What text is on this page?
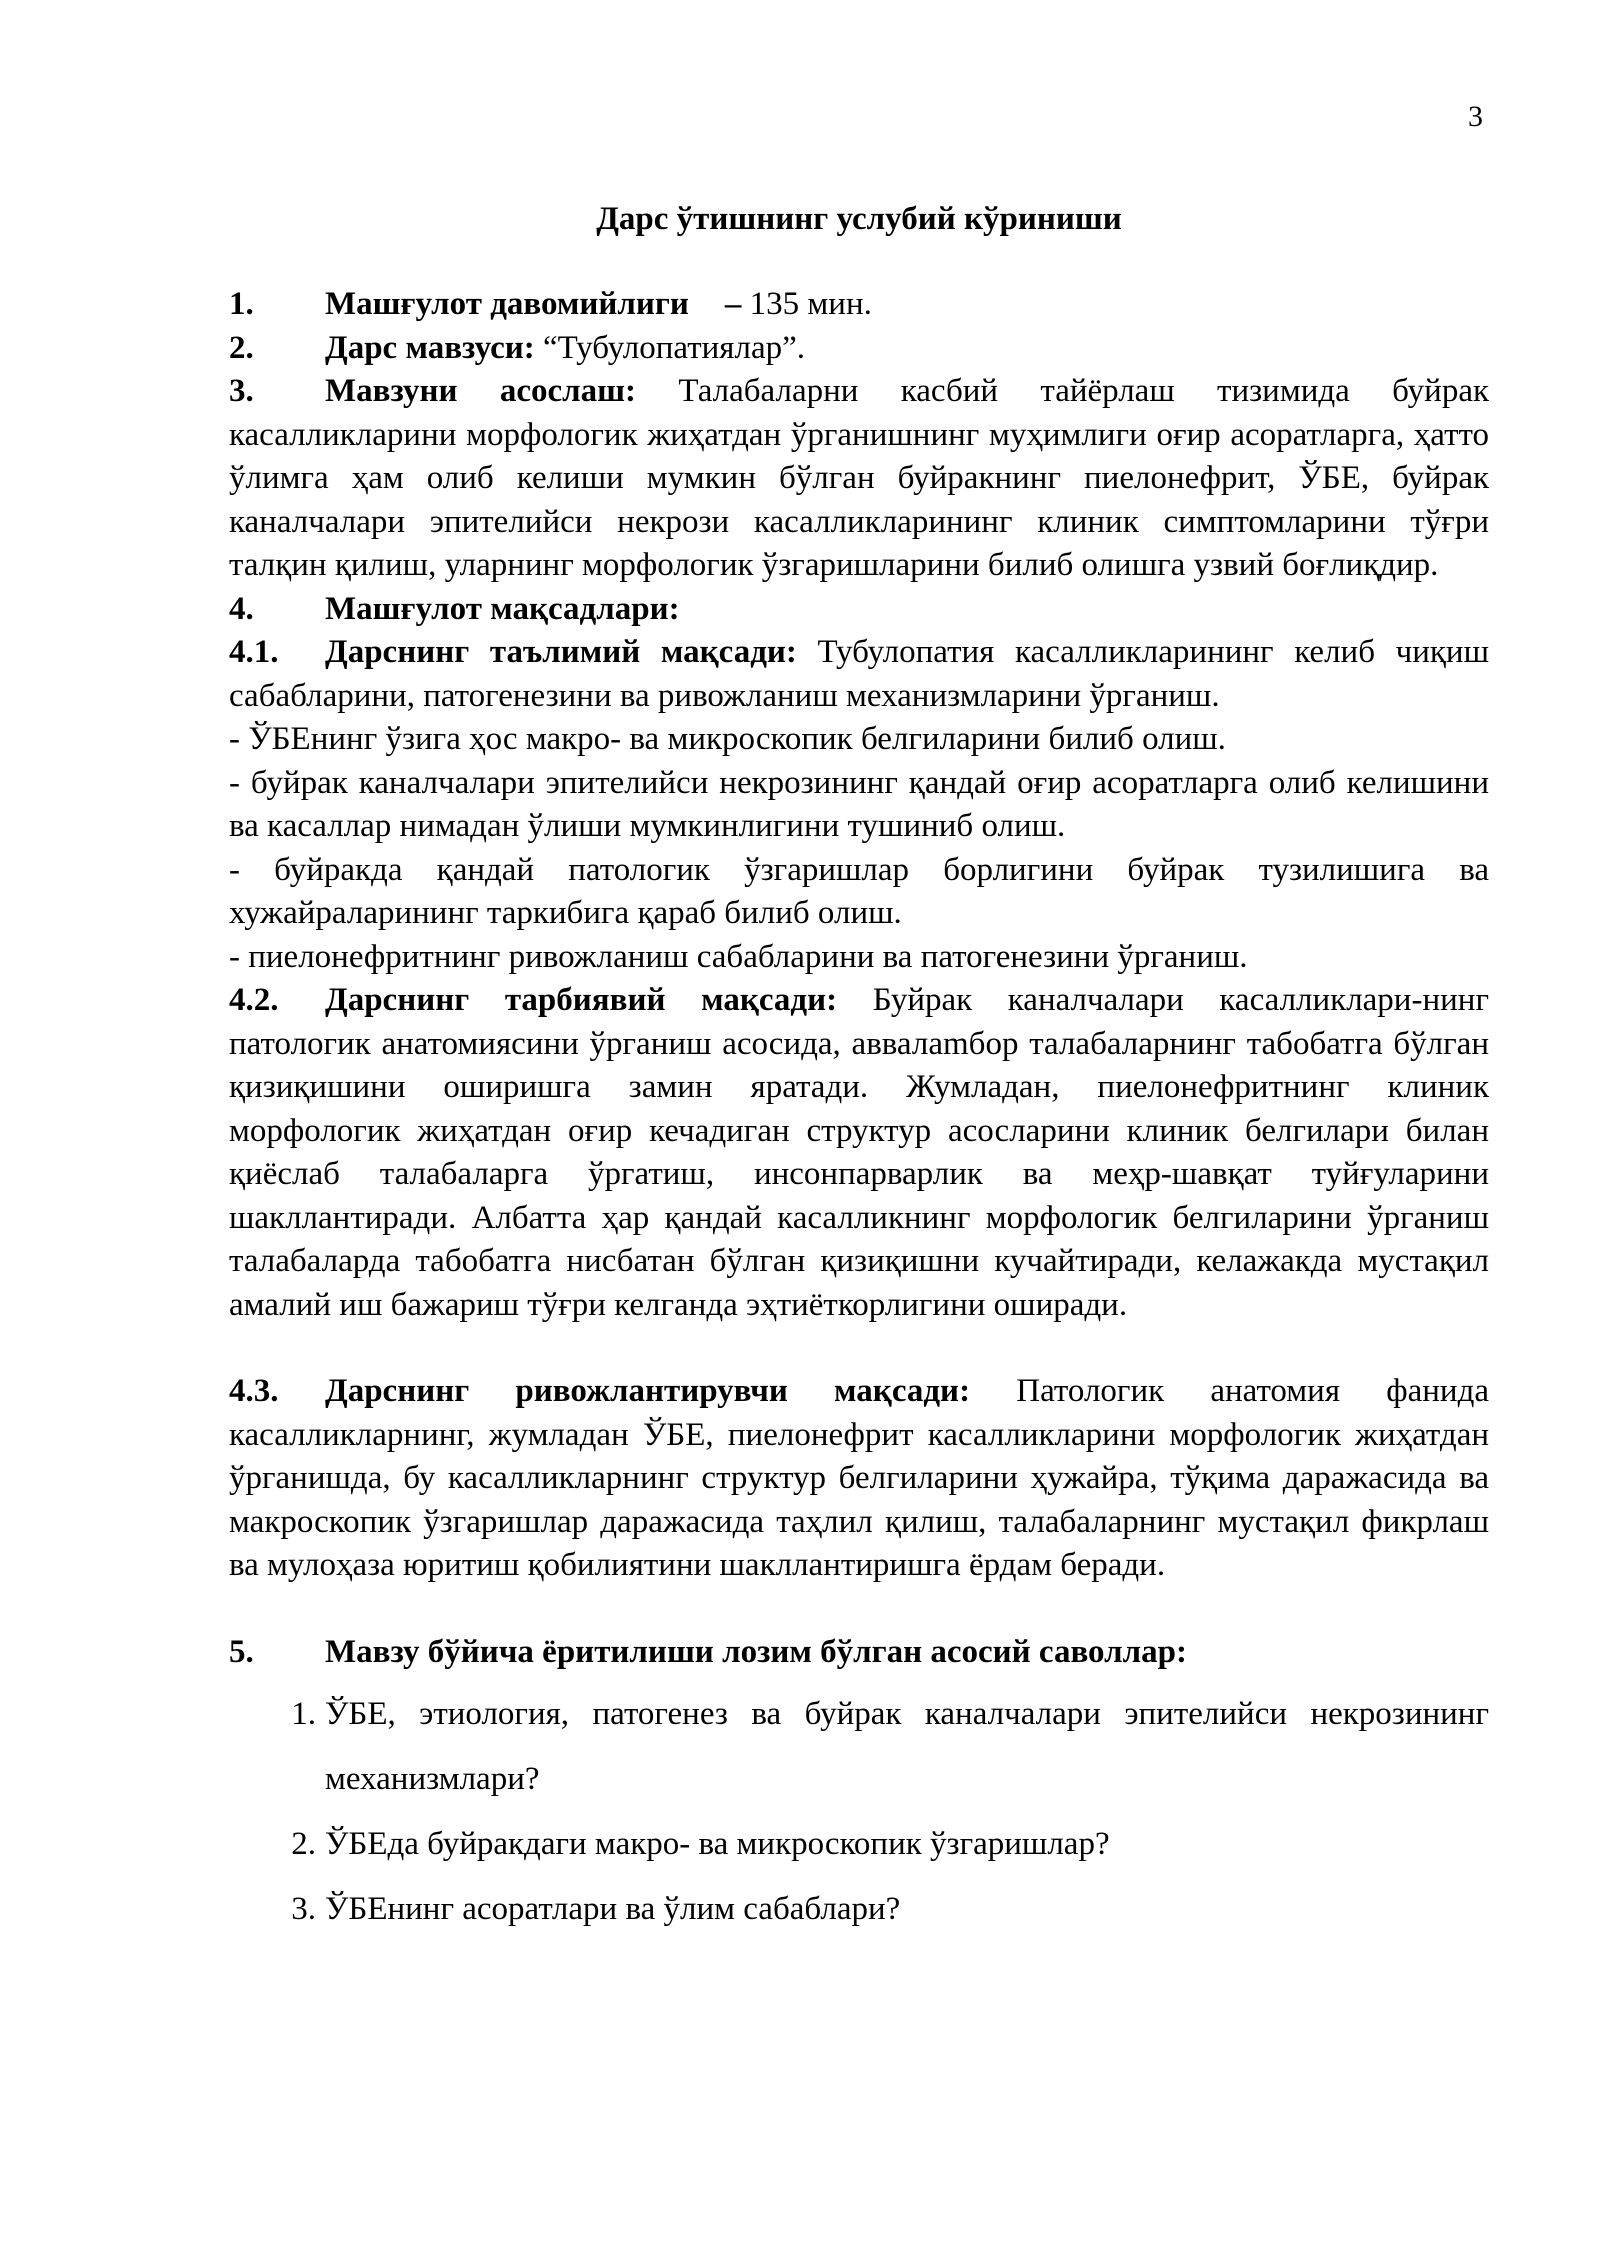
3
Дарс ўтишнинг услубий кўриниши

1. Машғулот давомийлиги – 135 мин.

2. Дарс мавзуси: “Тубулопатиялар”.

3. Мавзуни асослаш: Талабаларни касбий тайёрлаш тизимида буйрак касалликларини морфологик жиҳатдан ўрганишнинг муҳимлиги оғир асоратларга, ҳатто ўлимга ҳам олиб келиши мумкин бўлган буйракнинг пиелонефрит, ЎБЕ, буйрак каналчалари эпителийси некрози касалликларининг клиник симптомларини тўғри талқин қилиш, уларнинг морфологик ўзгаришларини билиб олишга узвий боғлиқдир.

4. Машғулот мақсадлари:

4.1. Дарснинг таълимий мақсади: Тубулопатия касалликларининг келиб чиқиш сабабларини, патогенезини ва ривожланиш механизмларини ўрганиш.

- ЎБЕнинг ўзига ҳос макро- ва микроскопик белгиларини билиб олиш.

- буйрак каналчалари эпителийси некрозининг қандай оғир асоратларга олиб келишини ва касаллар нимадан ўлиши мумкинлигини тушиниб олиш.

- буйракда қандай патологик ўзгаришлар борлигини буйрак тузилишига ва хужайраларининг таркибига қараб билиб олиш.

- пиелонефритнинг ривожланиш сабабларини ва патогенезини ўрганиш.

4.2. Дарснинг тарбиявий мақсади: Буйрак каналчалари касалликлари-нинг патологик анатомиясини ўрганиш асосида, аввалamбор талабаларнинг табобатга бўлган қизиқишини оширишга замин яратади. Жумладан, пиелонефритнинг клиник морфологик жиҳатдан оғир кечадиган структур асосларини клиник белгилари билан қиёслаб талабаларга ўргатиш, инсонпарварлик ва меҳр-шавқат туйғуларини шакллантиради. Албатта ҳар қандай касалликнинг морфологик белгиларини ўрганиш талабаларда табобатга нисбатан бўлган қизиқишни кучайтиради, келажакда мустақил амалий иш бажариш тўғри келганда эҳтиёткорлигини оширади.

4.3. Дарснинг ривожлантирувчи мақсади: Патологик анатомия фанида касалликларнинг, жумладан ЎБЕ, пиелонефрит касалликларини морфологик жиҳатдан ўрганишда, бу касалликларнинг структур белгиларини ҳужайра, тўқима даражасида ва макроскопик ўзгаришлар даражасида таҳлил қилиш, талабаларнинг мустақил фикрлаш ва мулоҳаза юритиш қобилиятини шакллантиришга ёрдам беради.

5. Мавзу бўйича ёритилиши лозим бўлган асосий саволлар:

1. ЎБЕ, этиология, патогенез ва буйрак каналчалари эпителийси некрозининг механизмлари?
2. ЎБЕда буйракдаги макро- ва микроскопик ўзгаришлар?
3. ЎБЕнинг асоратлари ва ўлим сабаблари?
